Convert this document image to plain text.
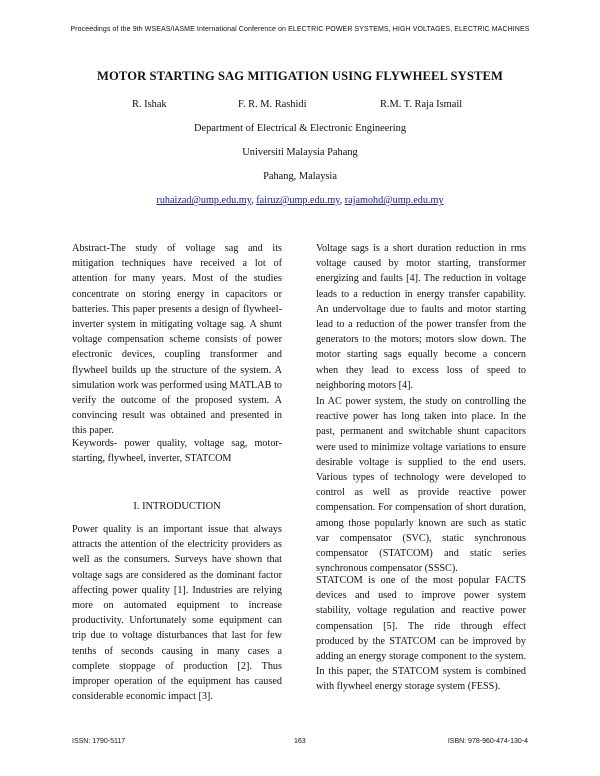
Proceedings of the 9th WSEAS/IASME International Conference on ELECTRIC POWER SYSTEMS, HIGH VOLTAGES, ELECTRIC MACHINES
MOTOR STARTING SAG MITIGATION USING FLYWHEEL SYSTEM
R. Ishak	F. R. M. Rashidi	R.M. T. Raja Ismail
Department of Electrical & Electronic Engineering
Universiti Malaysia Pahang
Pahang, Malaysia
ruhaizad@ump.edu.my, fairuz@ump.edu.my, rajamohd@ump.edu.my

Abstract-The study of voltage sag and its mitigation techniques have received a lot of attention for many years. Most of the studies concentrate on storing energy in capacitors or batteries. This paper presents a design of flywheel-inverter system in mitigating voltage sag. A shunt voltage compensation scheme consists of power electronic devices, coupling transformer and flywheel builds up the structure of the system. A simulation work was performed using MATLAB to verify the outcome of the proposed system. A convincing result was obtained and presented in this paper.

Keywords- power quality, voltage sag, motor-starting, flywheel, inverter, STATCOM

I. INTRODUCTION

Power quality is an important issue that always attracts the attention of the electricity providers as well as the consumers. Surveys have shown that voltage sags are considered as the dominant factor affecting power quality [1]. Industries are relying more on automated equipment to increase productivity. Unfortunately some equipment can trip due to voltage disturbances that last for few tenths of seconds causing in many cases a complete stoppage of production [2]. Thus improper operation of the equipment has caused considerable economic impact [3].

Voltage sags is a short duration reduction in rms voltage caused by motor starting, transformer energizing and faults [4]. The reduction in voltage leads to a reduction in energy transfer capability. An undervoltage due to faults and motor starting lead to a reduction of the power transfer from the generators to the motors; motors slow down. The motor starting sags equally become a concern when they lead to excess loss of speed to neighboring motors [4].

In AC power system, the study on controlling the reactive power has long taken into place. In the past, permanent and switchable shunt capacitors were used to minimize voltage variations to ensure desirable voltage is supplied to the end users. Various types of technology were developed to control as well as provide reactive power compensation. For compensation of short duration, among those popularly known are such as static var compensator (SVC), static synchronous compensator (STATCOM) and static series synchronous compensator (SSSC).

STATCOM is one of the most popular FACTS devices and used to improve power system stability, voltage regulation and reactive power compensation [5]. The ride through effect produced by the STATCOM can be improved by adding an energy storage component to the system. In this paper, the STATCOM system is combined with flywheel energy storage system (FESS).

ISSN: 1790-5117	163	ISBN: 978-960-474-130-4
